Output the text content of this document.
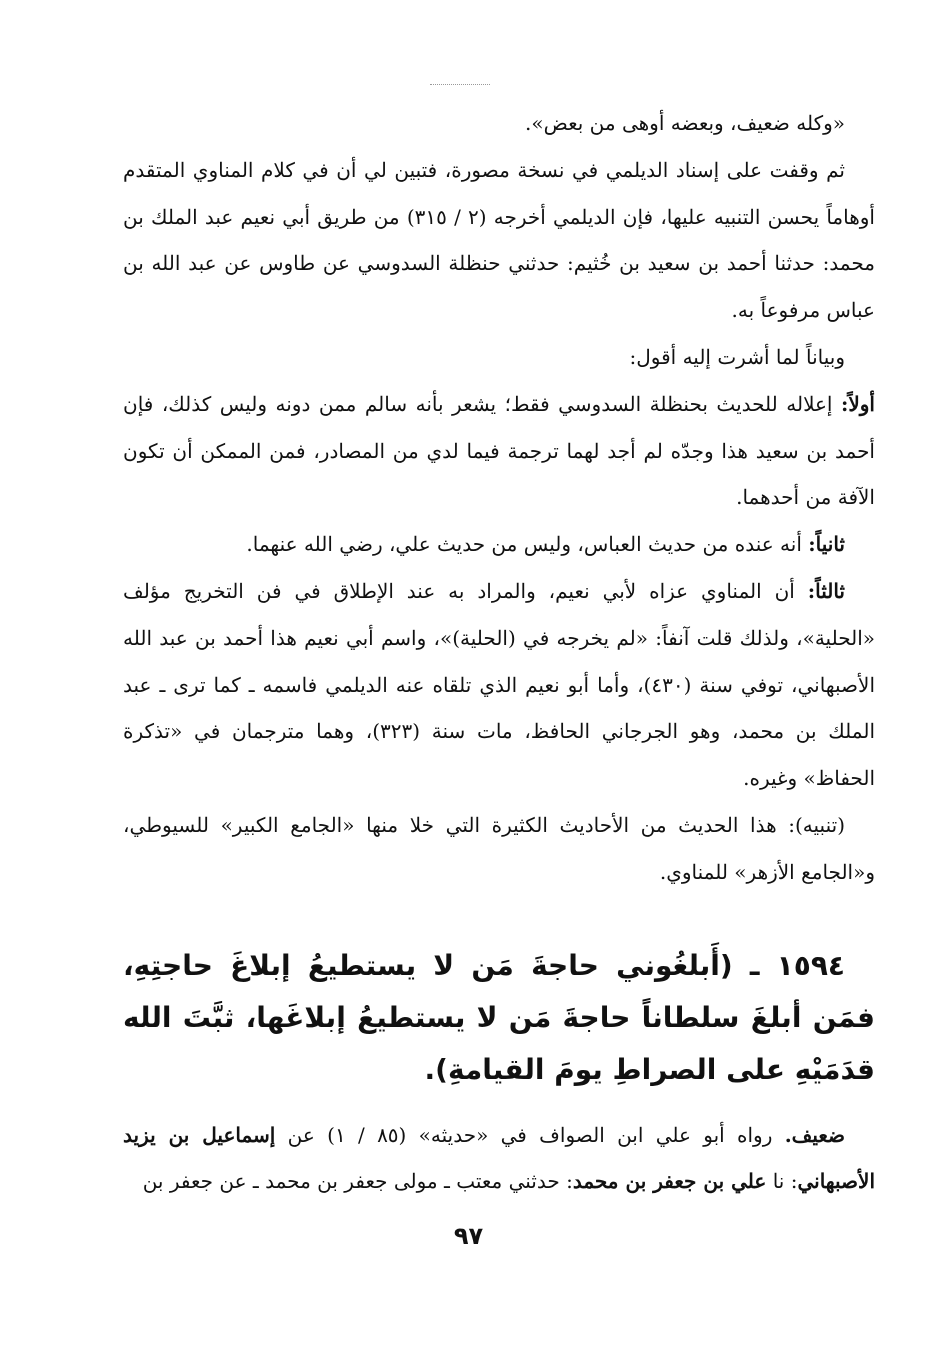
«وكله ضعيف، وبعضه أوهى من بعض».

ثم وقفت على إسناد الديلمي في نسخة مصورة، فتبين لي أن في كلام المناوي المتقدم أوهاماً يحسن التنبيه عليها، فإن الديلمي أخرجه (٢ / ٣١٥) من طريق أبي نعيم عبد الملك بن محمد: حدثنا أحمد بن سعيد بن خُثيم: حدثني حنظلة السدوسي عن طاوس عن عبد الله بن عباس مرفوعاً به.

وبياناً لما أشرت إليه أقول:

أولاً: إعلاله للحديث بحنظلة السدوسي فقط؛ يشعر بأنه سالم ممن دونه وليس كذلك، فإن أحمد بن سعيد هذا وجدّه لم أجد لهما ترجمة فيما لدي من المصادر، فمن الممكن أن تكون الآفة من أحدهما.

ثانياً: أنه عنده من حديث العباس، وليس من حديث علي، رضي الله عنهما.

ثالثاً: أن المناوي عزاه لأبي نعيم، والمراد به عند الإطلاق في فن التخريج مؤلف «الحلية»، ولذلك قلت آنفاً: «لم يخرجه في (الحلية)»، واسم أبي نعيم هذا أحمد بن عبد الله الأصبهاني، توفي سنة (٤٣٠)، وأما أبو نعيم الذي تلقاه عنه الديلمي فاسمه ـ كما ترى ـ عبد الملك بن محمد، وهو الجرجاني الحافظ، مات سنة (٣٢٣)، وهما مترجمان في «تذكرة الحفاظ» وغيره.

(تنبيه): هذا الحديث من الأحاديث الكثيرة التي خلا منها «الجامع الكبير» للسيوطي، و«الجامع الأزهر» للمناوي.

١٥٩٤ ـ (أَبلغُوني حاجةَ مَن لا يستطيعُ إبلاغَ حاجتِهِ، فمَن أبلغَ سلطاناً حاجةَ مَن لا يستطيعُ إبلاغَها، ثبَّتَ الله قدَمَيْهِ على الصراطِ يومَ القيامةِ).

ضعيف. رواه أبو علي ابن الصواف في «حديثه» (٨٥ / ١) عن إسماعيل بن يزيد الأصبهاني: نا علي بن جعفر بن محمد: حدثني معتب ـ مولى جعفر بن محمد ـ عن جعفر بن

٩٧
